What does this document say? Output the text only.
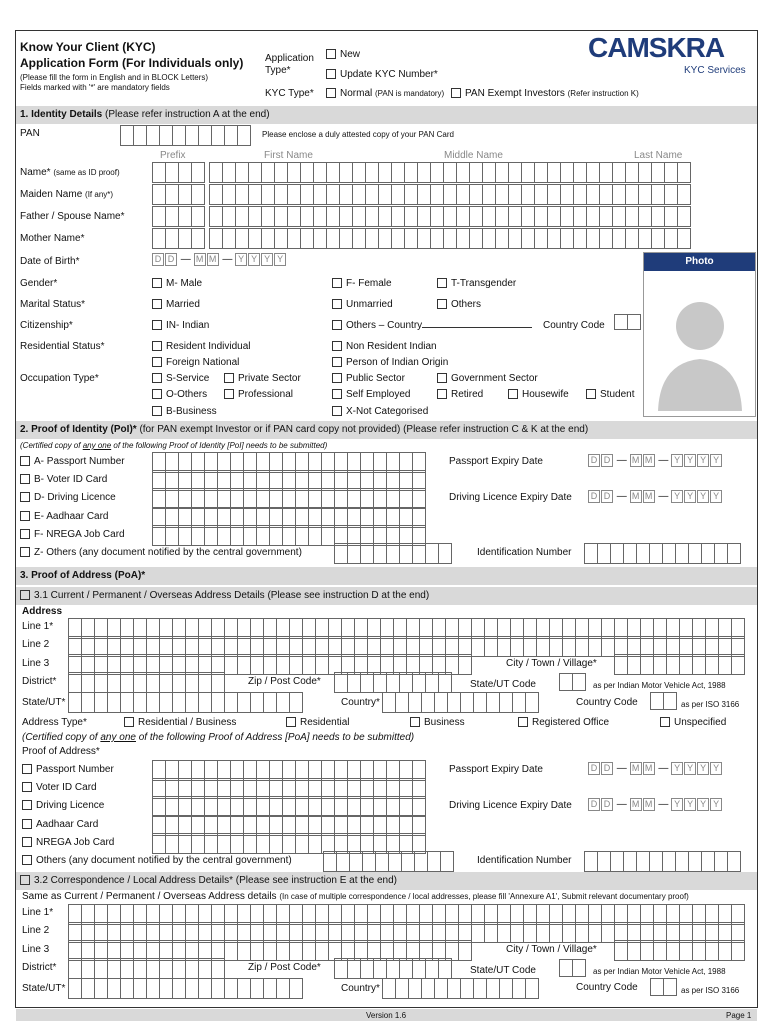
Know Your Client (KYC)
Application Form (For Individuals only)
(Please fill the form in English and in BLOCK Letters)
Fields marked with '*' are mandatory fields
Application Type*
New
Update KYC Number*
KYC Type*	Normal (PAN is mandatory)	PAN Exempt Investors (Refer instruction K)
CAMSKRA
KYC Services
1. Identity Details (Please refer instruction A at the end)
PAN	Please enclose a duly attested copy of your PAN Card
Prefix	First Name	Middle Name	Last Name
Name* (same as ID proof)
Maiden Name (If any*)
Father / Spouse Name*
Mother Name*
Date of Birth*	D D — M M — Y Y Y Y	Photo
Gender*	M- Male	F- Female	T-Transgender
Marital Status*	Married	Unmarried	Others
Citizenship*	IN- Indian	Others – Country	Country Code
Residential Status*	Resident Individual	Non Resident Indian
Foreign National	Person of Indian Origin
Occupation Type*	S-Service	Private Sector	Public Sector	Government Sector
O-Others	Professional	Self Employed	Retired	Housewife	Student
B-Business	X-Not Categorised
2. Proof of Identity (PoI)* (for PAN exempt Investor or if PAN card copy not provided) (Please refer instruction C & K at the end)
(Certified copy of any one of the following Proof of Identity [PoI] needs to be submitted)
A- Passport Number	Passport Expiry Date	D D — M M — Y Y Y Y
B- Voter ID Card
D- Driving Licence	Driving Licence Expiry Date	D D — M M — Y Y Y Y
E- Aadhaar Card
F- NREGA Job Card
Z- Others (any document notified by the central government)	Identification Number
3. Proof of Address (PoA)*
3.1 Current / Permanent / Overseas Address Details (Please see instruction D at the end)
Address
Line 1*
Line 2
Line 3	City / Town / Village*
District*	Zip / Post Code*	State/UT Code	as per Indian Motor Vehicle Act, 1988
State/UT*	Country*	Country Code	as per ISO 3166
Address Type*	Residential / Business	Residential	Business	Registered Office	Unspecified
(Certified copy of any one of the following Proof of Address [PoA] needs to be submitted)
Proof of Address*
Passport Number	Passport Expiry Date	D D — M M — Y Y Y Y
Voter ID Card
Driving Licence	Driving Licence Expiry Date	D D — M M — Y Y Y Y
Aadhaar Card
NREGA Job Card
Others (any document notified by the central government)	Identification Number
3.2 Correspondence / Local Address Details* (Please see instruction E at the end)
Same as Current / Permanent / Overseas Address details (In case of multiple correspondence / local addresses, please fill 'Annexure A1', Submit relevant documentary proof)
Line 1*
Line 2
Line 3	City / Town / Village*
District*	Zip / Post Code*	State/UT Code	as per Indian Motor Vehicle Act, 1988
State/UT*	Country*	Country Code	as per ISO 3166
Version 1.6	Page 1
